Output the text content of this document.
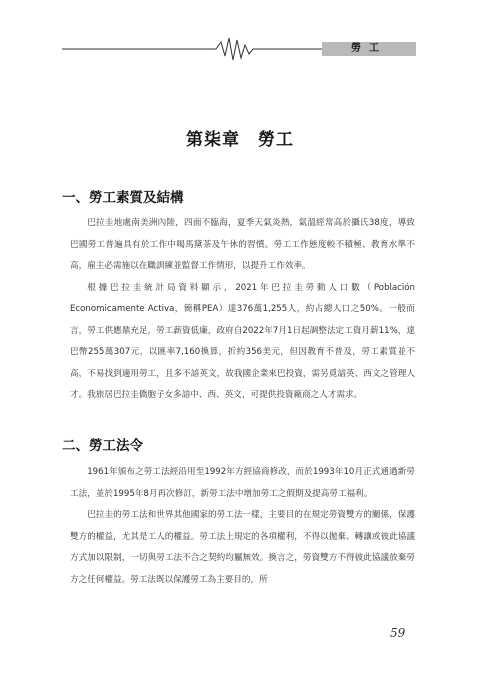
勞工
第柒章　勞工
一、勞工素質及結構

巴拉圭地處南美洲內陸，四面不臨海，夏季天氣炎熱，氣溫經常高於攝氏38度，導致巴國勞工普遍具有於工作中喝馬黛茶及午休的習慣。勞工工作態度較不積極、教育水準不高，雇主必需施以在職訓練並監督工作情形，以提升工作效率。

根據巴拉圭統計局資料顯示，2021年巴拉圭勞動人口數（Población Economicamente Activa，簡稱PEA）達376萬1,255人，約占總人口之50%。一般而言，勞工供應鼎充足，勞工薪資低廉，政府自2022年7月1日起調整法定工資月薪11%，達巴幣255萬307元，以匯率7,160換算，折約356美元，但因教育不普及，勞工素質並不高，不易找到適用勞工，且多不諳英文，故我國企業來巴投資，需另覓諳英、西文之管理人才。我旅居巴拉圭僑胞子女多諳中、西、英文，可提供投資廠商之人才需求。

二、勞工法令

1961年頒布之勞工法經沿用至1992年方經協商修改，而於1993年10月正式通過新勞工法，並於1995年8月再次修訂，新勞工法中增加勞工之假期及提高勞工福利。

巴拉圭的勞工法和世界其他國家的勞工法一樣，主要目的在規定勞資雙方的關係，保護雙方的權益，尤其是工人的權益。勞工法上規定的各項權利，不得以拋棄、轉讓或彼此協議方式加以限制，一切與勞工法不合之契約均屬無效。換言之，勞資雙方不得彼此協議放棄勞方之任何權益。勞工法既以保護勞工為主要目的，所

59
